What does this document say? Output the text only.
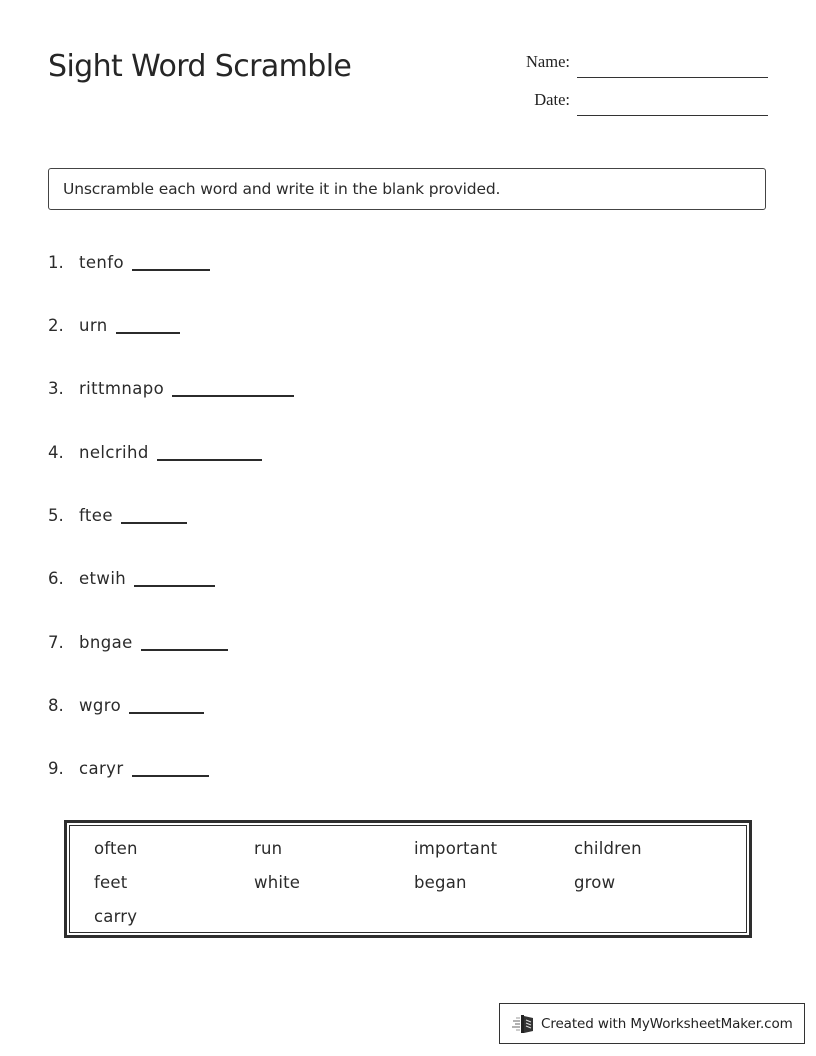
Sight Word Scramble	Name:
Date:
Unscramble each word and write it in the blank provided.
1. tenfo
2. urn
3. rittmnapo
4. nelcrihd
5. ftee
6. etwih
7. bngae
8. wgro
9. caryr
often	run	important	children
feet	white	began	grow
carry
Created with MyWorksheetMaker.com
